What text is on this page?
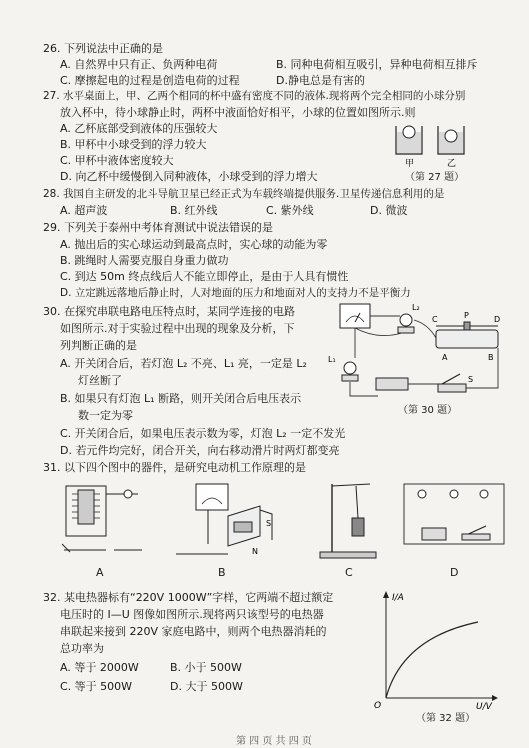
26. 下列说法中正确的是
A. 自然界中只有正、负两种电荷	B. 同种电荷相互吸引，异种电荷相互排斥
C. 摩擦起电的过程是创造电荷的过程	D.静电总是有害的
27. 水平桌面上，甲、乙两个相同的杯中盛有密度不同的液体.现将两个完全相同的小球分别
放入杯中，待小球静止时，两杯中液面恰好相平，小球的位置如图所示.则
A. 乙杯底部受到液体的压强较大
B. 甲杯中小球受到的浮力较大
C. 甲杯中液体密度较大
D. 向乙杯中缓慢倒入同种液体，小球受到的浮力增大
甲	乙
（第 27 题）
28. 我国自主研发的北斗导航卫星已经正式为车载终端提供服务.卫星传递信息利用的是
A. 超声波	B. 红外线	C. 紫外线	D. 微波
29. 下列关于泰州中考体育测试中说法错误的是
A. 抛出后的实心球运动到最高点时，实心球的动能为零
B. 跳绳时人需要克服自身重力做功
C. 到达 50m 终点线后人不能立即停止，是由于人具有惯性
D. 立定跳远落地后静止时，人对地面的压力和地面对人的支持力不是平衡力
30. 在探究串联电路电压特点时，某同学连接的电路
如图所示.对于实验过程中出现的现象及分析，下
列判断正确的是
A. 开关闭合后，若灯泡 L₂ 不亮、L₁ 亮，一定是 L₂
灯丝断了
B. 如果只有灯泡 L₁ 断路，则开关闭合后电压表示
数一定为零
C. 开关闭合后，如果电压表示数为零，灯泡 L₂ 一定不发光
D. 若元件均完好，闭合开关，向右移动滑片时两灯都变亮
L₂
L₁
C	P	D
A	B
S
（第 30 题）
31. 以下四个图中的器件，是研究电动机工作原理的是
A
S
N
B	C	D
32. 某电热器标有“220V 1000W”字样，它两端不超过额定
电压时的 I—U 图像如图所示.现将两只该型号的电热器
串联起来接到 220V 家庭电路中，则两个电热器消耗的
总功率为
A. 等于 2000W	B. 小于 500W
C. 等于 500W	D. 大于 500W
I/A
U/V
O
（第 32 题）
第 四 页 共 四 页
